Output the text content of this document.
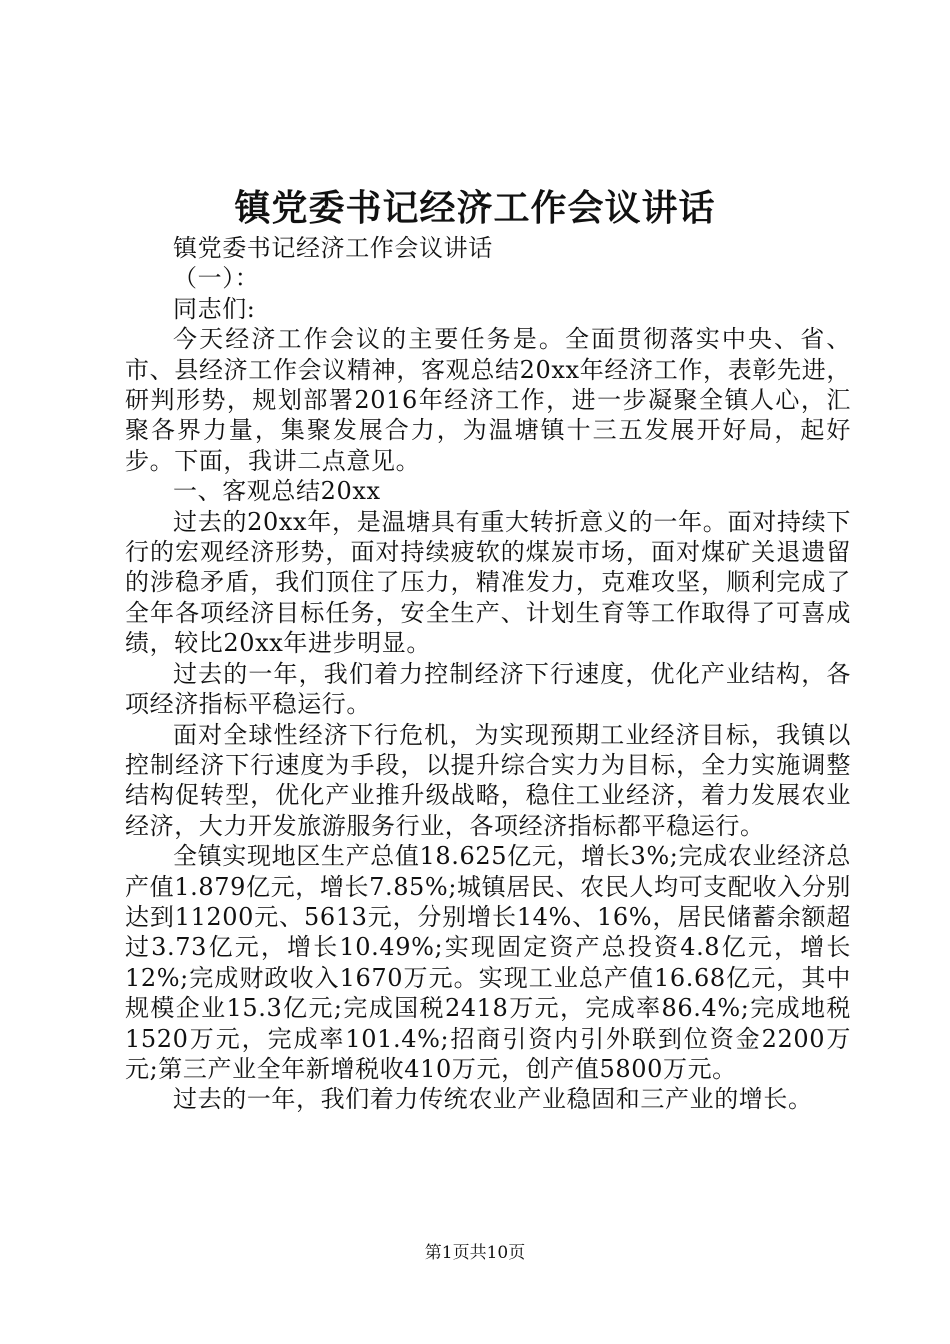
镇党委书记经济工作会议讲话

镇党委书记经济工作会议讲话

（一）：

同志们:

今天经济工作会议的主要任务是。全面贯彻落实中央、省、市、县经济工作会议精神，客观总结20xx年经济工作，表彰先进，研判形势，规划部署2016年经济工作，进一步凝聚全镇人心，汇聚各界力量，集聚发展合力，为温塘镇十三五发展开好局，起好步。下面，我讲二点意见。

一、客观总结20xx

过去的20xx年，是温塘具有重大转折意义的一年。面对持续下行的宏观经济形势，面对持续疲软的煤炭市场，面对煤矿关退遗留的涉稳矛盾，我们顶住了压力，精准发力，克难攻坚，顺利完成了全年各项经济目标任务，安全生产、计划生育等工作取得了可喜成绩，较比20xx年进步明显。

过去的一年，我们着力控制经济下行速度，优化产业结构，各项经济指标平稳运行。

面对全球性经济下行危机，为实现预期工业经济目标，我镇以控制经济下行速度为手段，以提升综合实力为目标，全力实施调整结构促转型，优化产业推升级战略，稳住工业经济，着力发展农业经济，大力开发旅游服务行业，各项经济指标都平稳运行。

全镇实现地区生产总值18.625亿元，增长3%;完成农业经济总产值1.879亿元，增长7.85%;城镇居民、农民人均可支配收入分别达到11200元、5613元，分别增长14%、16%，居民储蓄余额超过3.73亿元，增长10.49%;实现固定资产总投资4.8亿元，增长12%;完成财政收入1670万元。实现工业总产值16.68亿元，其中规模企业15.3亿元;完成国税2418万元，完成率86.4%;完成地税1520万元，完成率101.4%;招商引资内引外联到位资金2200万元;第三产业全年新增税收410万元，创产值5800万元。

过去的一年，我们着力传统农业产业稳固和三产业的增长。

第1页共10页
